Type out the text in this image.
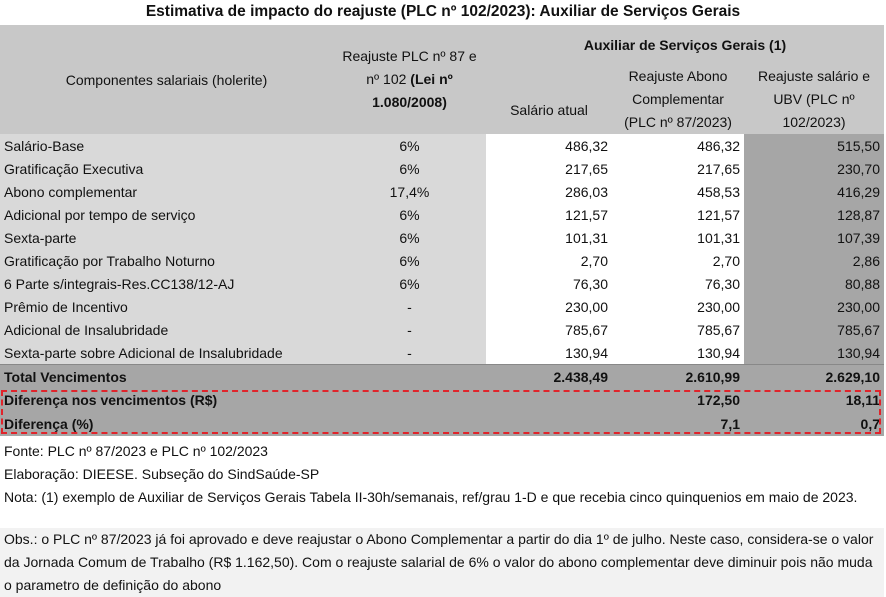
Estimativa de impacto do reajuste (PLC nº 102/2023): Auxiliar de Serviços Gerais
Componentes salariais (holerite)	Reajuste PLC nº 87 e nº 102 (Lei nº 1.080/2008)	Auxiliar de Serviços Gerais (1)		
		Salário atual	Reajuste Abono Complementar (PLC nº 87/2023)	Reajuste salário e UBV (PLC nº 102/2023)
Salário-Base	6%	486,32	486,32	515,50
Gratificação Executiva	6%	217,65	217,65	230,70
Abono complementar	17,4%	286,03	458,53	416,29
Adicional por tempo de serviço	6%	121,57	121,57	128,87
Sexta-parte	6%	101,31	101,31	107,39
Gratificação por Trabalho Noturno	6%	2,70	2,70	2,86
6 Parte s/integrais-Res.CC138/12-AJ	6%	76,30	76,30	80,88
Prêmio de Incentivo	-	230,00	230,00	230,00
Adicional de Insalubridade	-	785,67	785,67	785,67
Sexta-parte sobre Adicional de Insalubridade	-	130,94	130,94	130,94
Total Vencimentos		2.438,49	2.610,99	2.629,10
Diferença nos vencimentos (R$)			172,50	18,11
Diferença (%)			7,1	0,7

Fonte: PLC nº 87/2023 e PLC nº 102/2023

Elaboração: DIEESE. Subseção do SindSaúde-SP

Nota: (1) exemplo de Auxiliar de Serviços Gerais Tabela II-30h/semanais, ref/grau 1-D e que recebia cinco quinquenios em maio de 2023.

Obs.: o PLC nº 87/2023 já foi aprovado e deve reajustar o Abono Complementar a partir do dia 1º de julho. Neste caso, considera-se o valor da Jornada Comum de Trabalho (R$ 1.162,50). Com o reajuste salarial de 6% o valor do abono complementar deve diminuir pois não muda o parametro de definição do abono
